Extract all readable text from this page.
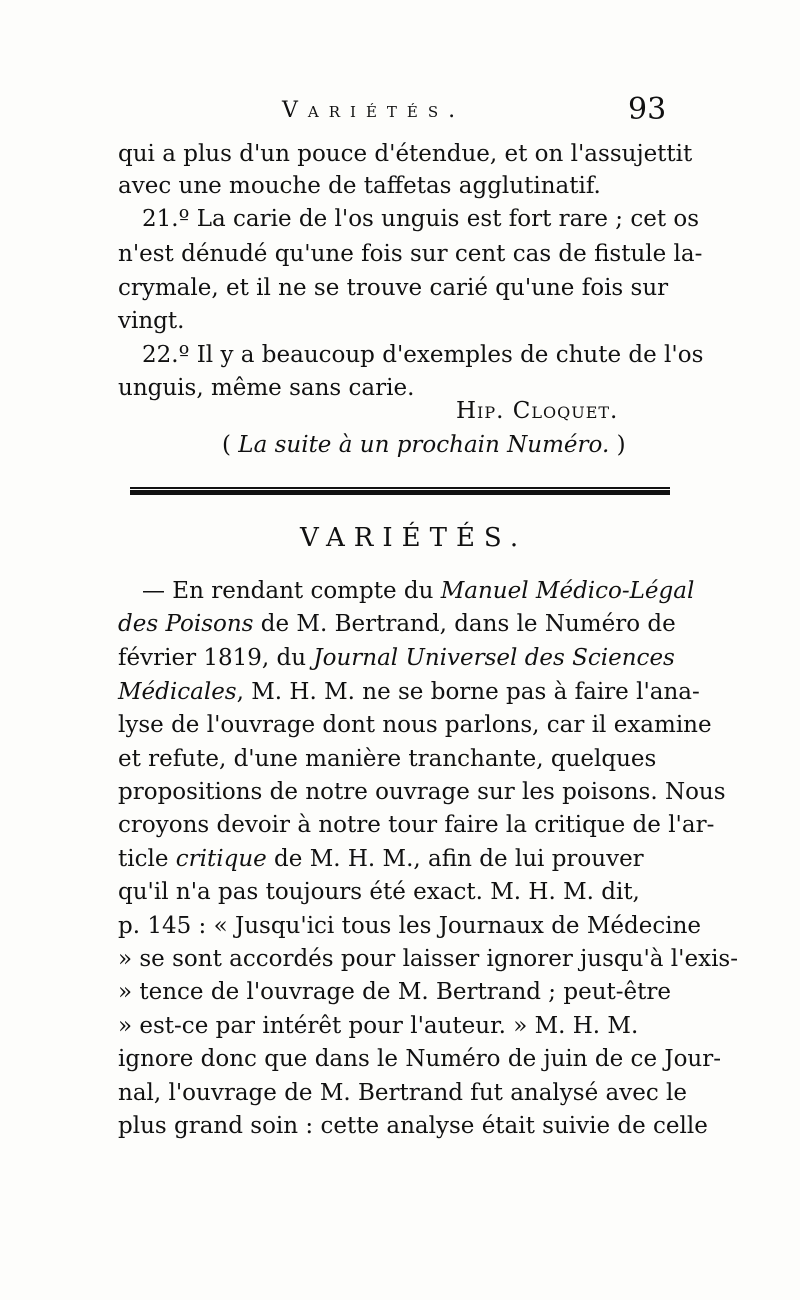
Variétés.	93
qui a plus d'un pouce d'étendue, et on l'assujettit
avec une mouche de taffetas agglutinatif.
21.º La carie de l'os unguis est fort rare ; cet os
n'est dénudé qu'une fois sur cent cas de fistule la-
crymale, et il ne se trouve carié qu'une fois sur
vingt.
22.º Il y a beaucoup d'exemples de chute de l'os
unguis, même sans carie.
Hip. Cloquet.
( La suite à un prochain Numéro. )
VARIÉTÉS.
— En rendant compte du Manuel Médico-Légal
des Poisons de M. Bertrand, dans le Numéro de
février 1819, du Journal Universel des Sciences
Médicales, M. H. M. ne se borne pas à faire l'ana-
lyse de l'ouvrage dont nous parlons, car il examine
et refute, d'une manière tranchante, quelques
propositions de notre ouvrage sur les poisons. Nous
croyons devoir à notre tour faire la critique de l'ar-
ticle critique de M. H. M., afin de lui prouver
qu'il n'a pas toujours été exact. M. H. M. dit,
p. 145 : « Jusqu'ici tous les Journaux de Médecine
» se sont accordés pour laisser ignorer jusqu'à l'exis-
» tence de l'ouvrage de M. Bertrand ; peut-être
» est-ce par intérêt pour l'auteur. » M. H. M.
ignore donc que dans le Numéro de juin de ce Jour-
nal, l'ouvrage de M. Bertrand fut analysé avec le
plus grand soin : cette analyse était suivie de celle
